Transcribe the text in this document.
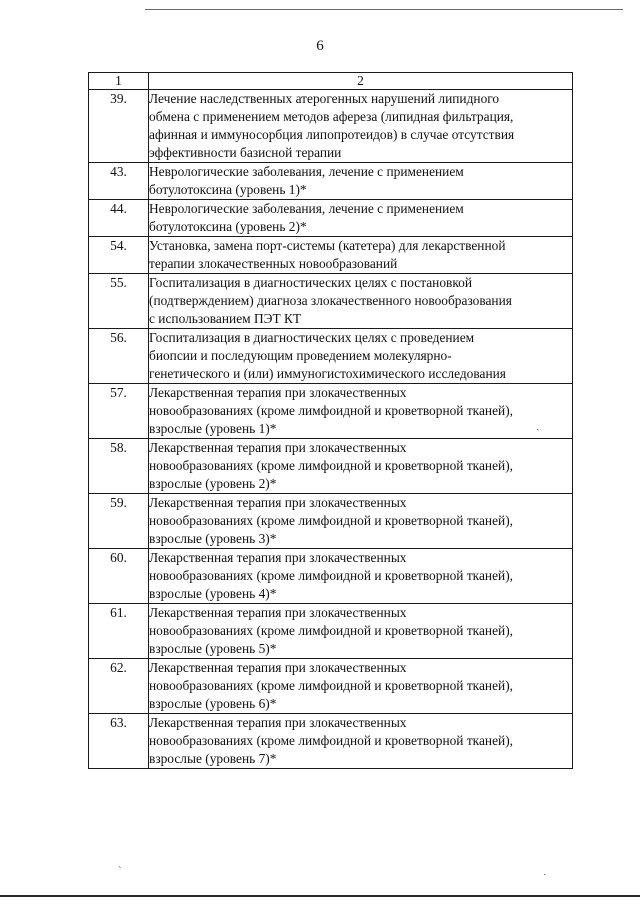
ˎ
ˋ
˙
6
1	2
39.	Лечение наследственных атерогенных нарушений липидного
обмена с применением методов афереза (липидная фильтрация,
афинная и иммуносорбция липопротеидов) в случае отсутствия
эффективности базисной терапии
43.	Неврологические заболевания, лечение с применением
ботулотоксина (уровень 1)*
44.	Неврологические заболевания, лечение с применением
ботулотоксина (уровень 2)*
54.	Установка, замена порт-системы (катетера) для лекарственной
терапии злокачественных новообразований
55.	Госпитализация в диагностических целях с постановкой
(подтверждением) диагноза злокачественного новообразования
с использованием ПЭТ КТ
56.	Госпитализация в диагностических целях с проведением
биопсии и последующим проведением молекулярно-
генетического и (или) иммуногистохимического исследования
57.	Лекарственная терапия при злокачественных
новообразованиях (кроме лимфоидной и кроветворной тканей),
взрослые (уровень 1)*
58.	Лекарственная терапия при злокачественных
новообразованиях (кроме лимфоидной и кроветворной тканей),
взрослые (уровень 2)*
59.	Лекарственная терапия при злокачественных
новообразованиях (кроме лимфоидной и кроветворной тканей),
взрослые (уровень 3)*
60.	Лекарственная терапия при злокачественных
новообразованиях (кроме лимфоидной и кроветворной тканей),
взрослые (уровень 4)*
61.	Лекарственная терапия при злокачественных
новообразованиях (кроме лимфоидной и кроветворной тканей),
взрослые (уровень 5)*
62.	Лекарственная терапия при злокачественных
новообразованиях (кроме лимфоидной и кроветворной тканей),
взрослые (уровень 6)*
63.	Лекарственная терапия при злокачественных
новообразованиях (кроме лимфоидной и кроветворной тканей),
взрослые (уровень 7)*
